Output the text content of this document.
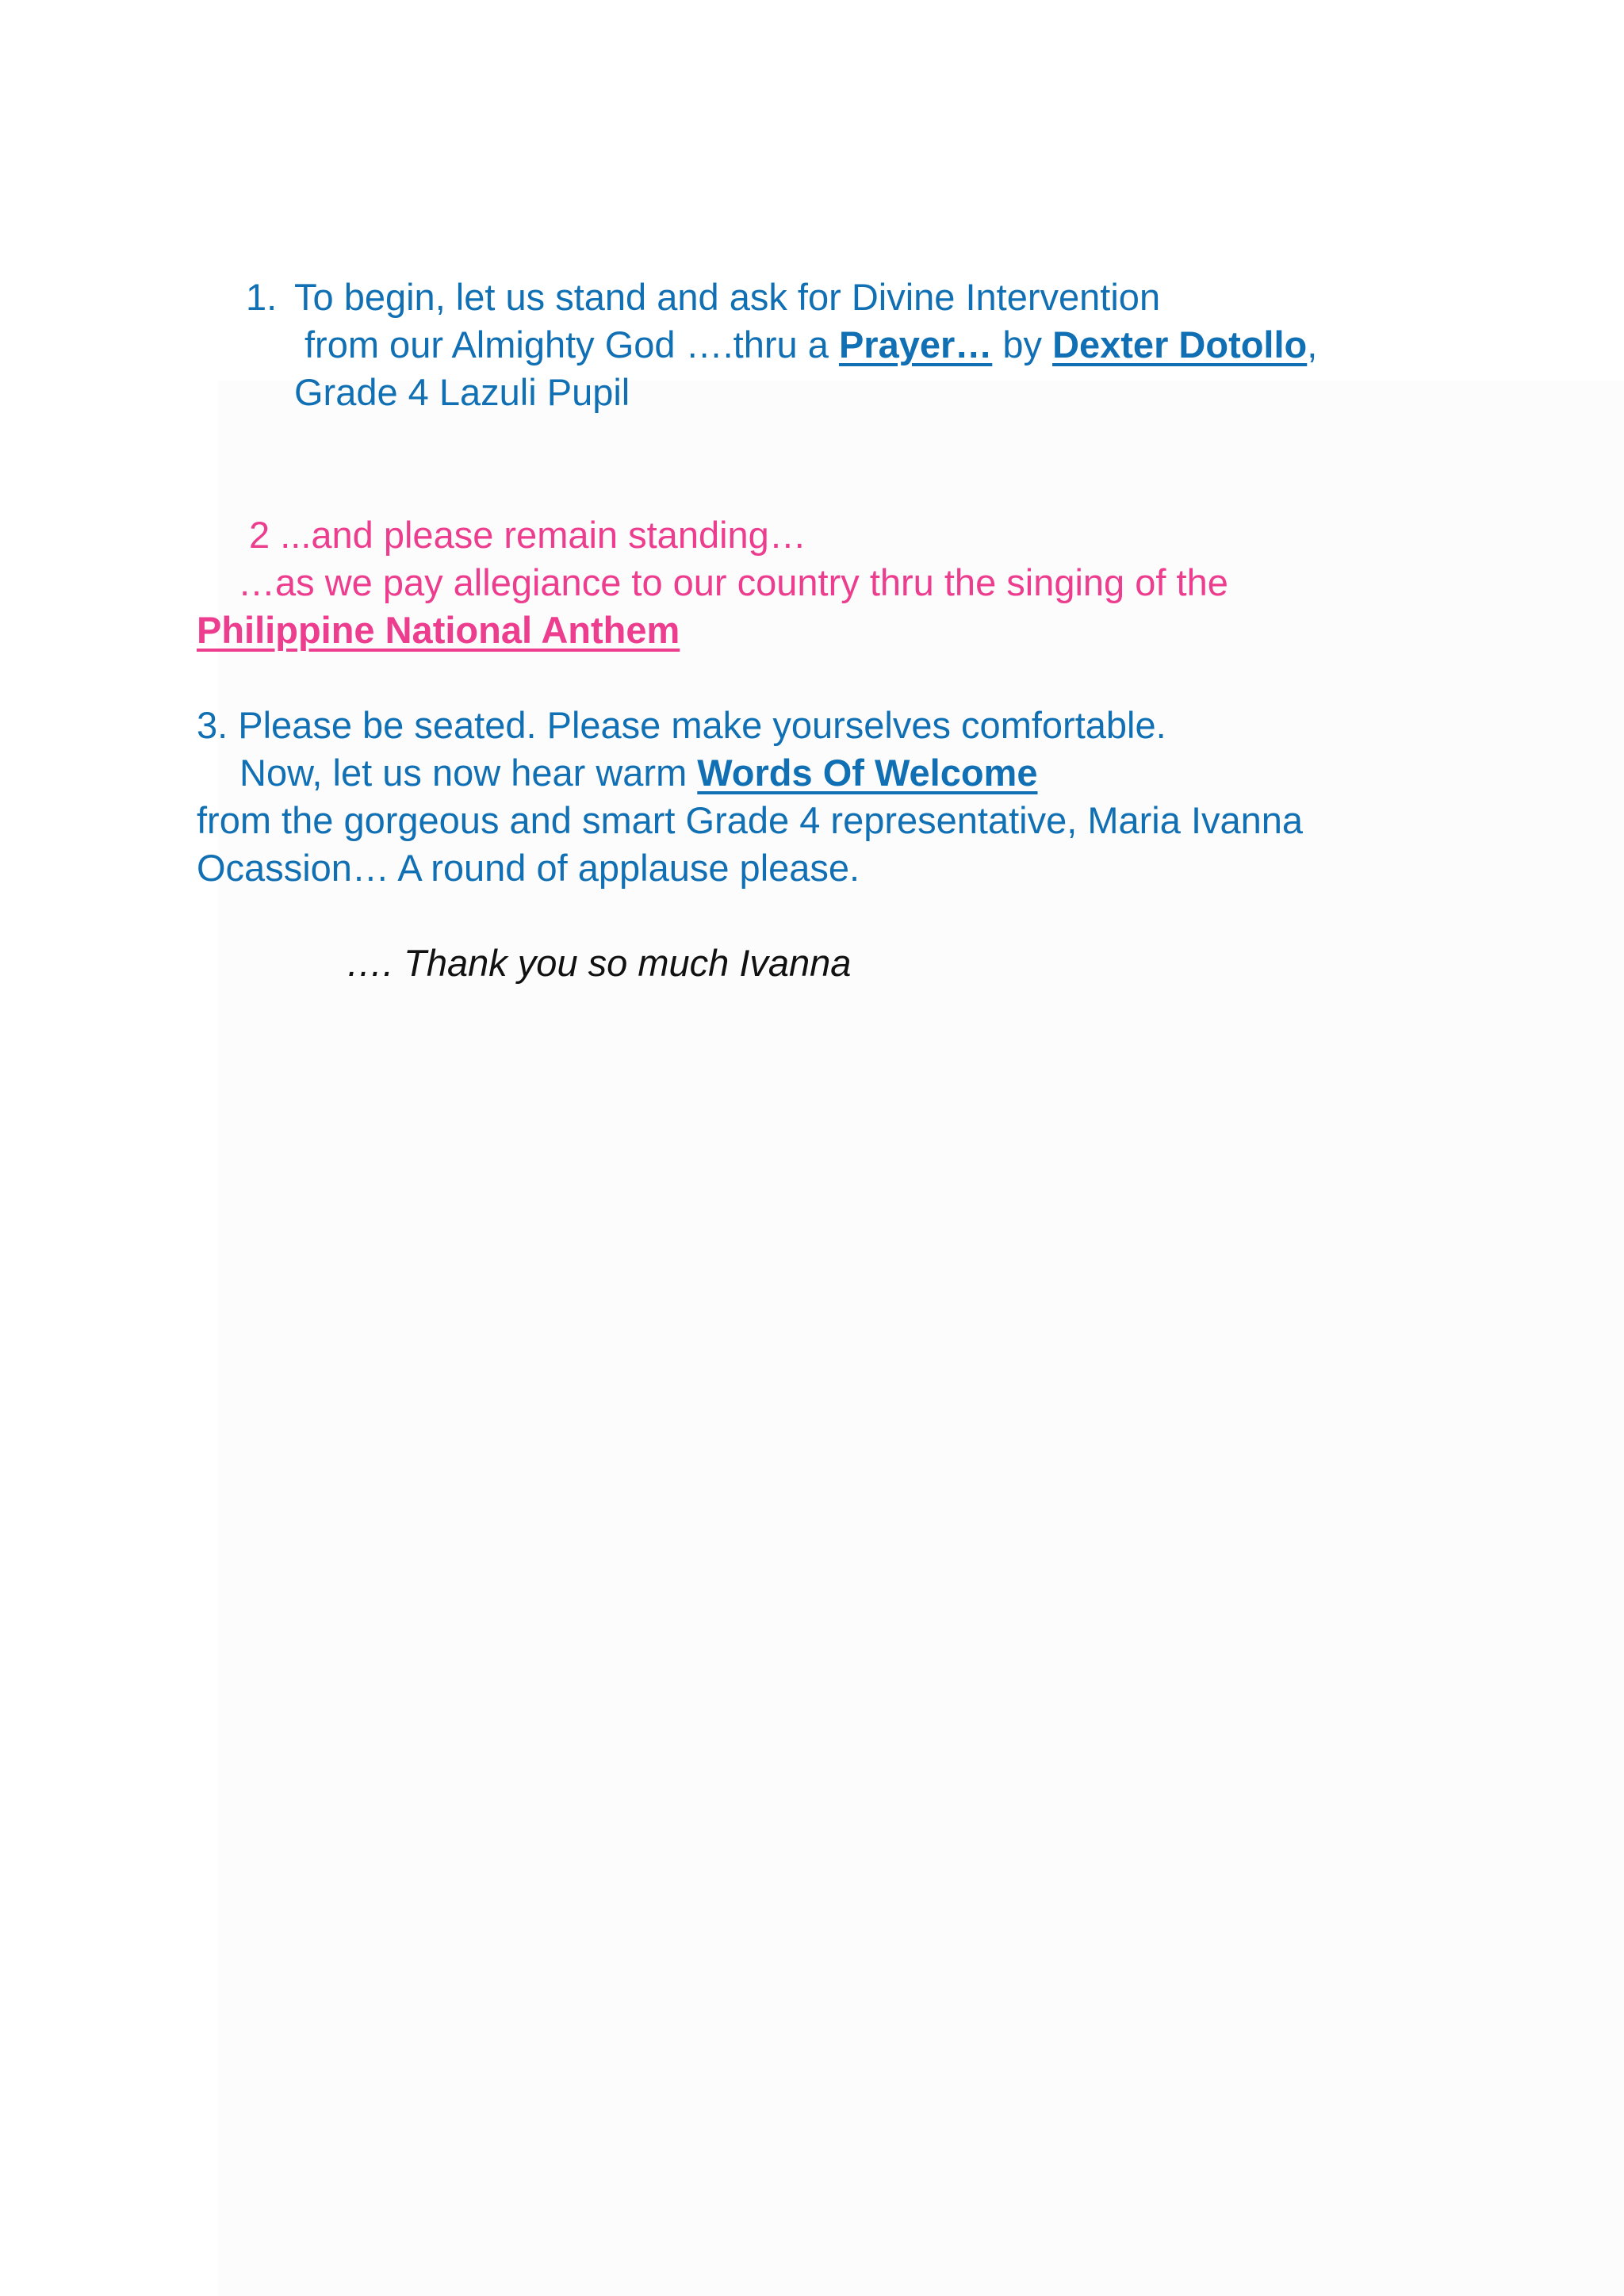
1. To begin, let us stand and ask for Divine Intervention
from our Almighty God ….thru a Prayer… by Dexter Dotollo,
Grade 4 Lazuli Pupil
2 ...and please remain standing…
…as we pay allegiance to our country thru the singing of the
Philippine National Anthem
3. Please be seated. Please make yourselves comfortable.
Now, let us now hear warm Words Of Welcome
from the gorgeous and smart Grade 4 representative, Maria Ivanna
Ocassion… A round of applause please.
…. Thank you so much Ivanna
